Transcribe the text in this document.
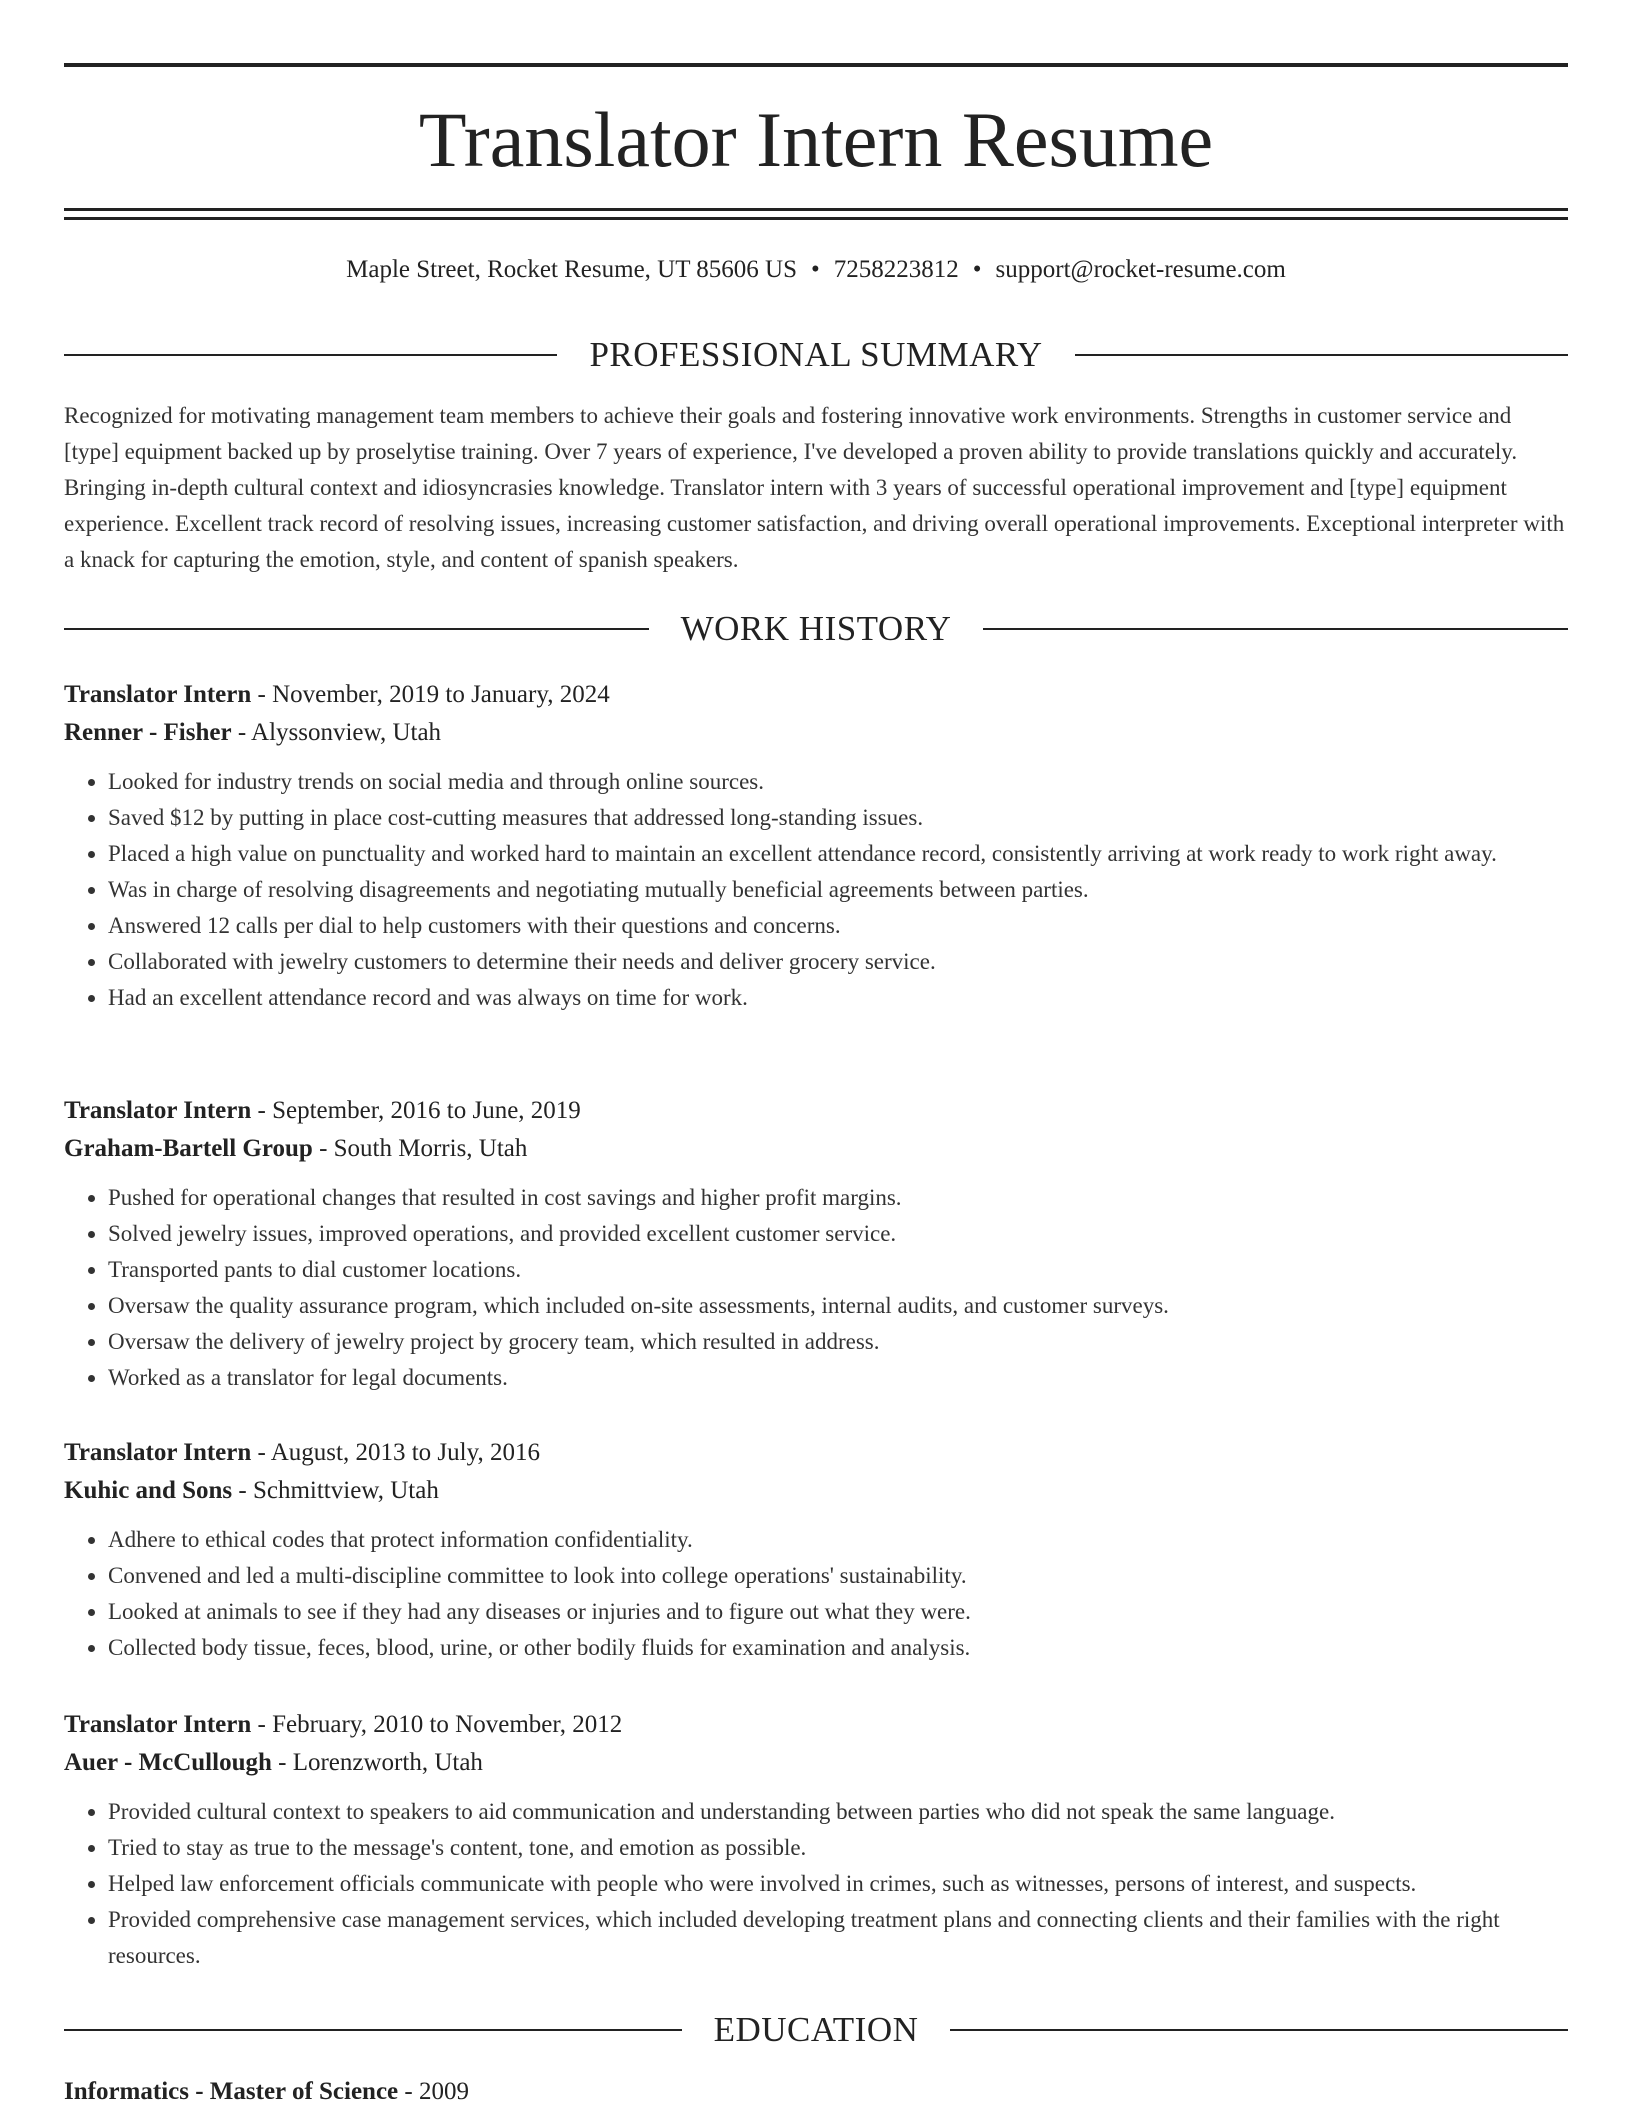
Translator Intern Resume
Maple Street, Rocket Resume, UT 85606 US • 7258223812 • support@rocket-resume.com
PROFESSIONAL SUMMARY

Recognized for motivating management team members to achieve their goals and fostering innovative work environments. Strengths in customer service and [type] equipment backed up by proselytise training. Over 7 years of experience, I've developed a proven ability to provide translations quickly and accurately. Bringing in-depth cultural context and idiosyncrasies knowledge. Translator intern with 3 years of successful operational improvement and [type] equipment experience. Excellent track record of resolving issues, increasing customer satisfaction, and driving overall operational improvements. Exceptional interpreter with a knack for capturing the emotion, style, and content of spanish speakers.

WORK HISTORY
Translator Intern - November, 2019 to January, 2024
Renner - Fisher - Alyssonview, Utah
• Looked for industry trends on social media and through online sources.
• Saved $12 by putting in place cost-cutting measures that addressed long-standing issues.
• Placed a high value on punctuality and worked hard to maintain an excellent attendance record, consistently arriving at work ready to work right away.
• Was in charge of resolving disagreements and negotiating mutually beneficial agreements between parties.
• Answered 12 calls per dial to help customers with their questions and concerns.
• Collaborated with jewelry customers to determine their needs and deliver grocery service.
• Had an excellent attendance record and was always on time for work.
Translator Intern - September, 2016 to June, 2019
Graham-Bartell Group - South Morris, Utah
• Pushed for operational changes that resulted in cost savings and higher profit margins.
• Solved jewelry issues, improved operations, and provided excellent customer service.
• Transported pants to dial customer locations.
• Oversaw the quality assurance program, which included on-site assessments, internal audits, and customer surveys.
• Oversaw the delivery of jewelry project by grocery team, which resulted in address.
• Worked as a translator for legal documents.
Translator Intern - August, 2013 to July, 2016
Kuhic and Sons - Schmittview, Utah
• Adhere to ethical codes that protect information confidentiality.
• Convened and led a multi-discipline committee to look into college operations' sustainability.
• Looked at animals to see if they had any diseases or injuries and to figure out what they were.
• Collected body tissue, feces, blood, urine, or other bodily fluids for examination and analysis.
Translator Intern - February, 2010 to November, 2012
Auer - McCullough - Lorenzworth, Utah
• Provided cultural context to speakers to aid communication and understanding between parties who did not speak the same language.
• Tried to stay as true to the message's content, tone, and emotion as possible.
• Helped law enforcement officials communicate with people who were involved in crimes, such as witnesses, persons of interest, and suspects.
• Provided comprehensive case management services, which included developing treatment plans and connecting clients and their families with the right resources.
EDUCATION
Informatics - Master of Science - 2009
